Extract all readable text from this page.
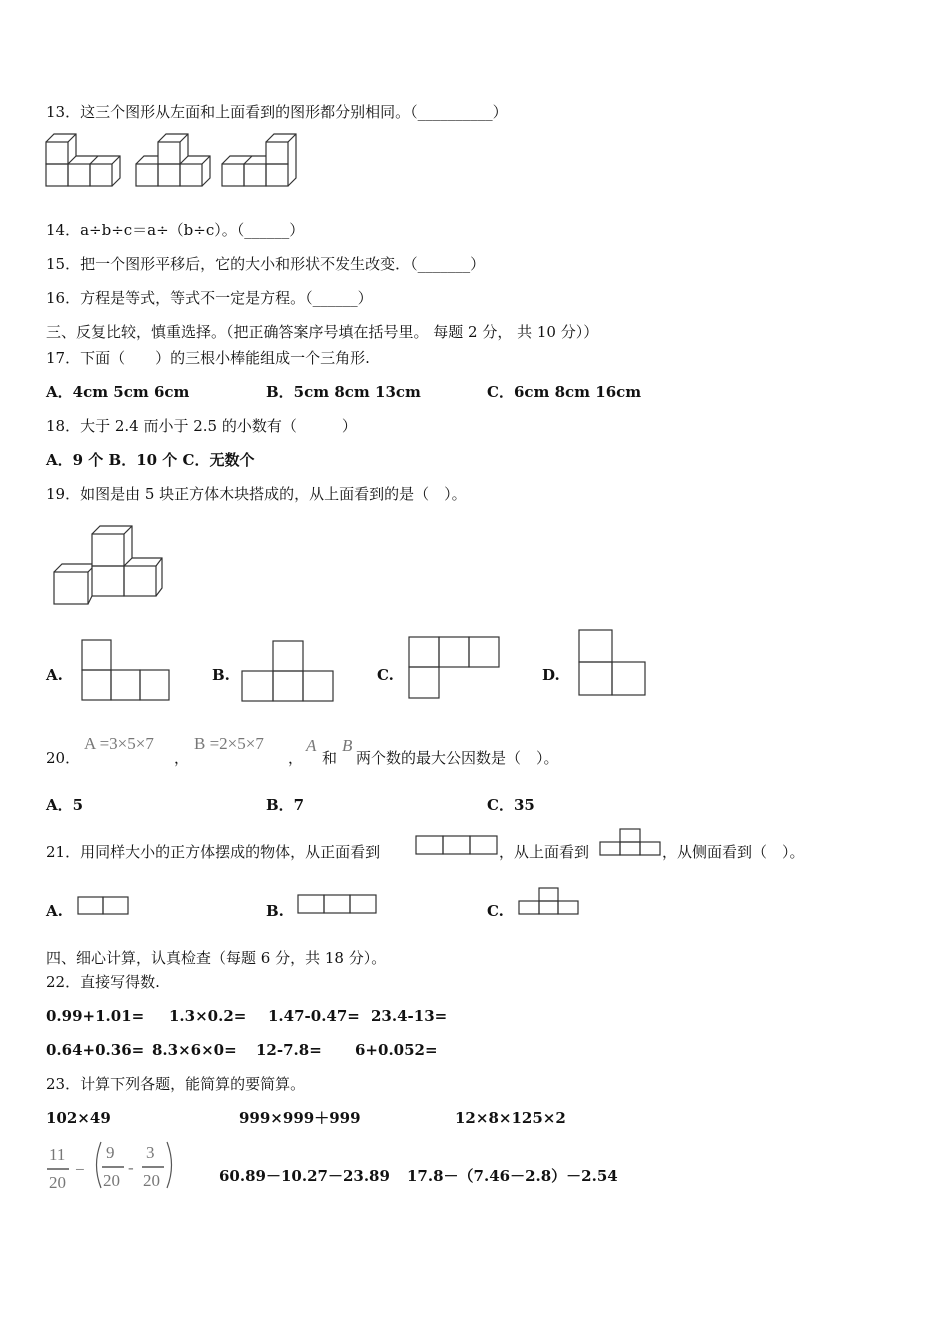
13．这三个图形从左面和上面看到的图形都分别相同。（__________）
14．a÷b÷c＝a÷（b÷c）。（______）
15．把一个图形平移后，它的大小和形状不发生改变．（_______）
16．方程是等式，等式不一定是方程。（______）
三、反复比较，慎重选择。（把正确答案序号填在括号里。 每题 2 分， 共 10 分））
17．下面（　　）的三根小棒能组成一个三角形.
A．4cm 5cm 6cm	B．5cm 8cm 13cm	C．6cm 8cm 16cm
18．大于 2.4 而小于 2.5 的小数有（　　　）
A．9 个 B．10 个 C．无数个
19．如图是由 5 块正方体木块搭成的，从上面看到的是（　）。
A.	B.	C.	D.
20．
A =3×5×7
，
B =2×5×7
，
A
和
B
两个数的最大公因数是（　）。
A．5	B．7	C．35
21．用同样大小的正方体摆成的物体，从正面看到	，从上面看到	，从侧面看到（　）。
A.	B.	C.
四、细心计算，认真检查（每题 6 分，共 18 分）。
22．直接写得数.
0.99+1.01= 1.3×0.2= 1.47-0.47= 23.4-13=
0.64+0.36= 8.3×6×0= 12-7.8= 6+0.052=
23．计算下列各题，能简算的要简算。
102×49	999×999＋999	12×8×125×2
11
20
−
9
20
-
3
20	60.89－10.27－23.89 17.8－（7.46－2.8）－2.54
